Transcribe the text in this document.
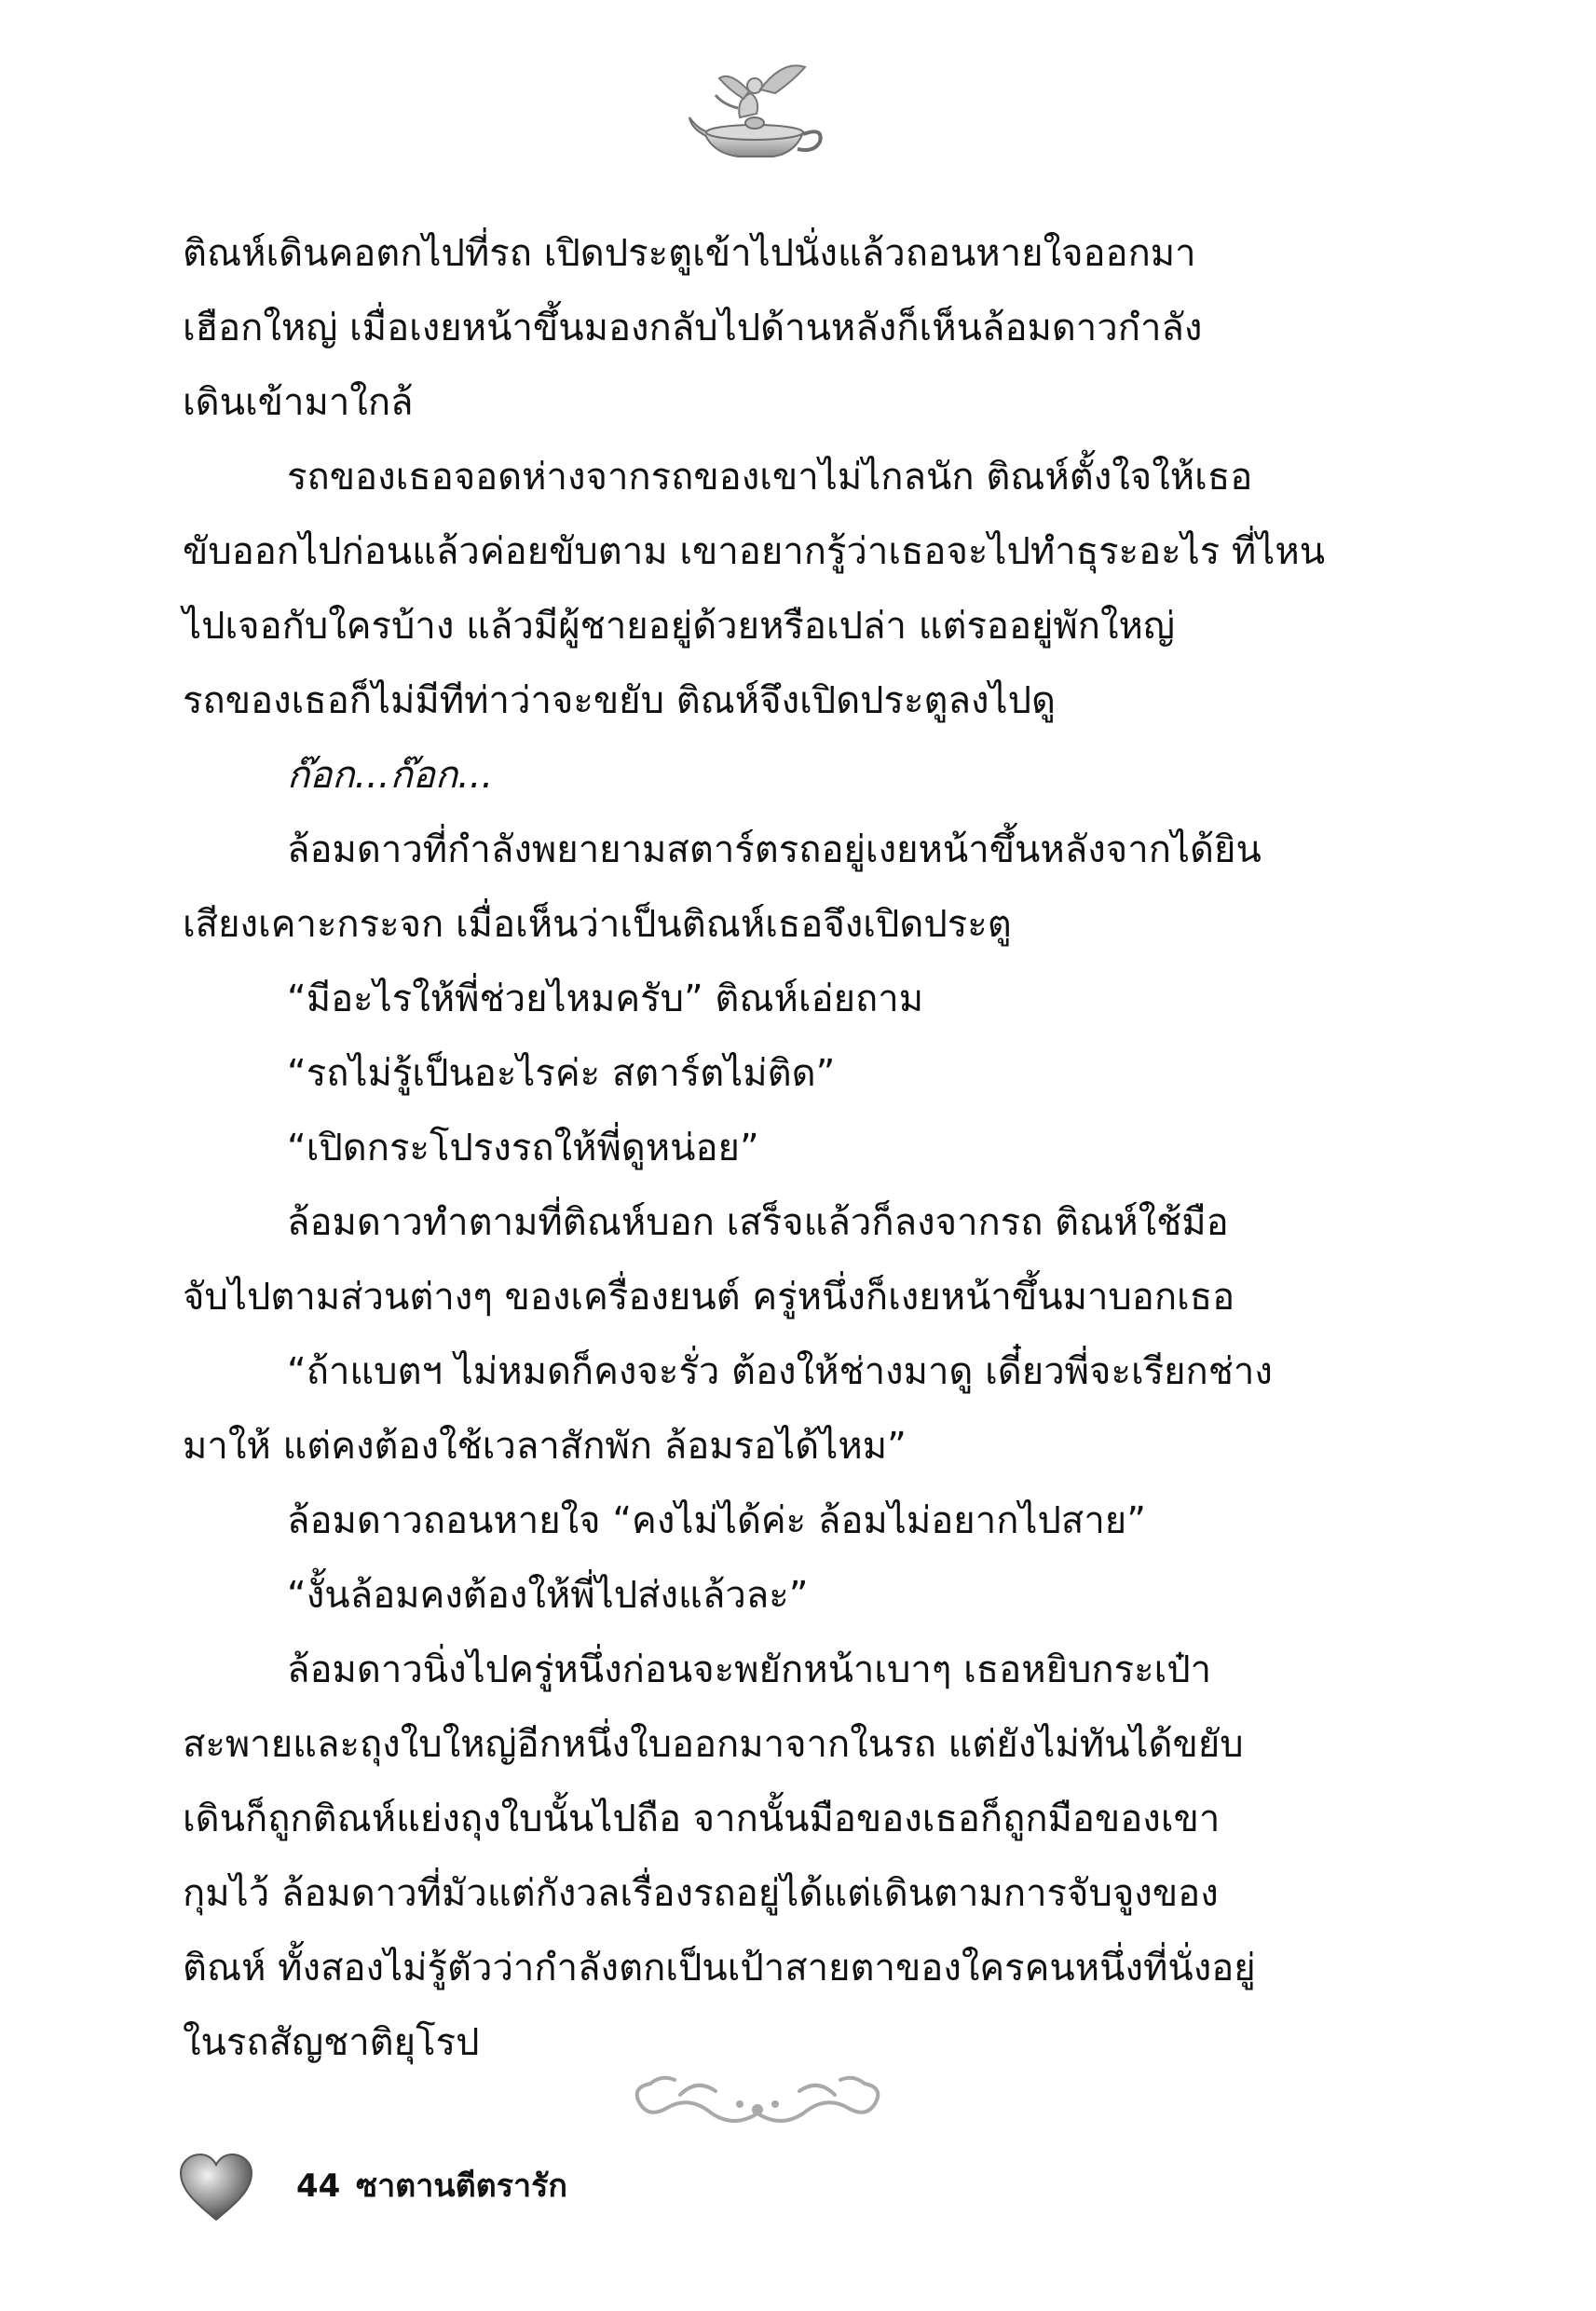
ติณห์เดินคอตกไปที่รถ เปิดประตูเข้าไปนั่งแล้วถอนหายใจออกมา

เฮือกใหญ่ เมื่อเงยหน้าขึ้นมองกลับไปด้านหลังก็เห็นล้อมดาวกำลัง

เดินเข้ามาใกล้

รถของเธอจอดห่างจากรถของเขาไม่ไกลนัก ติณห์ตั้งใจให้เธอ

ขับออกไปก่อนแล้วค่อยขับตาม เขาอยากรู้ว่าเธอจะไปทำธุระอะไร ที่ไหน

ไปเจอกับใครบ้าง แล้วมีผู้ชายอยู่ด้วยหรือเปล่า แต่รออยู่พักใหญ่

รถของเธอก็ไม่มีทีท่าว่าจะขยับ ติณห์จึงเปิดประตูลงไปดู

ก๊อก...ก๊อก...

ล้อมดาวที่กำลังพยายามสตาร์ตรถอยู่เงยหน้าขึ้นหลังจากได้ยิน

เสียงเคาะกระจก เมื่อเห็นว่าเป็นติณห์เธอจึงเปิดประตู

“มีอะไรให้พี่ช่วยไหมครับ” ติณห์เอ่ยถาม

“รถไม่รู้เป็นอะไรค่ะ สตาร์ตไม่ติด”

“เปิดกระโปรงรถให้พี่ดูหน่อย”

ล้อมดาวทำตามที่ติณห์บอก เสร็จแล้วก็ลงจากรถ ติณห์ใช้มือ

จับไปตามส่วนต่างๆ ของเครื่องยนต์ ครู่หนึ่งก็เงยหน้าขึ้นมาบอกเธอ

“ถ้าแบตฯ ไม่หมดก็คงจะรั่ว ต้องให้ช่างมาดู เดี๋ยวพี่จะเรียกช่าง

มาให้ แต่คงต้องใช้เวลาสักพัก ล้อมรอได้ไหม”

ล้อมดาวถอนหายใจ “คงไม่ได้ค่ะ ล้อมไม่อยากไปสาย”

“งั้นล้อมคงต้องให้พี่ไปส่งแล้วละ”

ล้อมดาวนิ่งไปครู่หนึ่งก่อนจะพยักหน้าเบาๆ เธอหยิบกระเป๋า

สะพายและถุงใบใหญ่อีกหนึ่งใบออกมาจากในรถ แต่ยังไม่ทันได้ขยับ

เดินก็ถูกติณห์แย่งถุงใบนั้นไปถือ จากนั้นมือของเธอก็ถูกมือของเขา

กุมไว้ ล้อมดาวที่มัวแต่กังวลเรื่องรถอยู่ได้แต่เดินตามการจับจูงของ

ติณห์ ทั้งสองไม่รู้ตัวว่ากำลังตกเป็นเป้าสายตาของใครคนหนึ่งที่นั่งอยู่

ในรถสัญชาติยุโรป

44 ซาตานตีตรารัก
